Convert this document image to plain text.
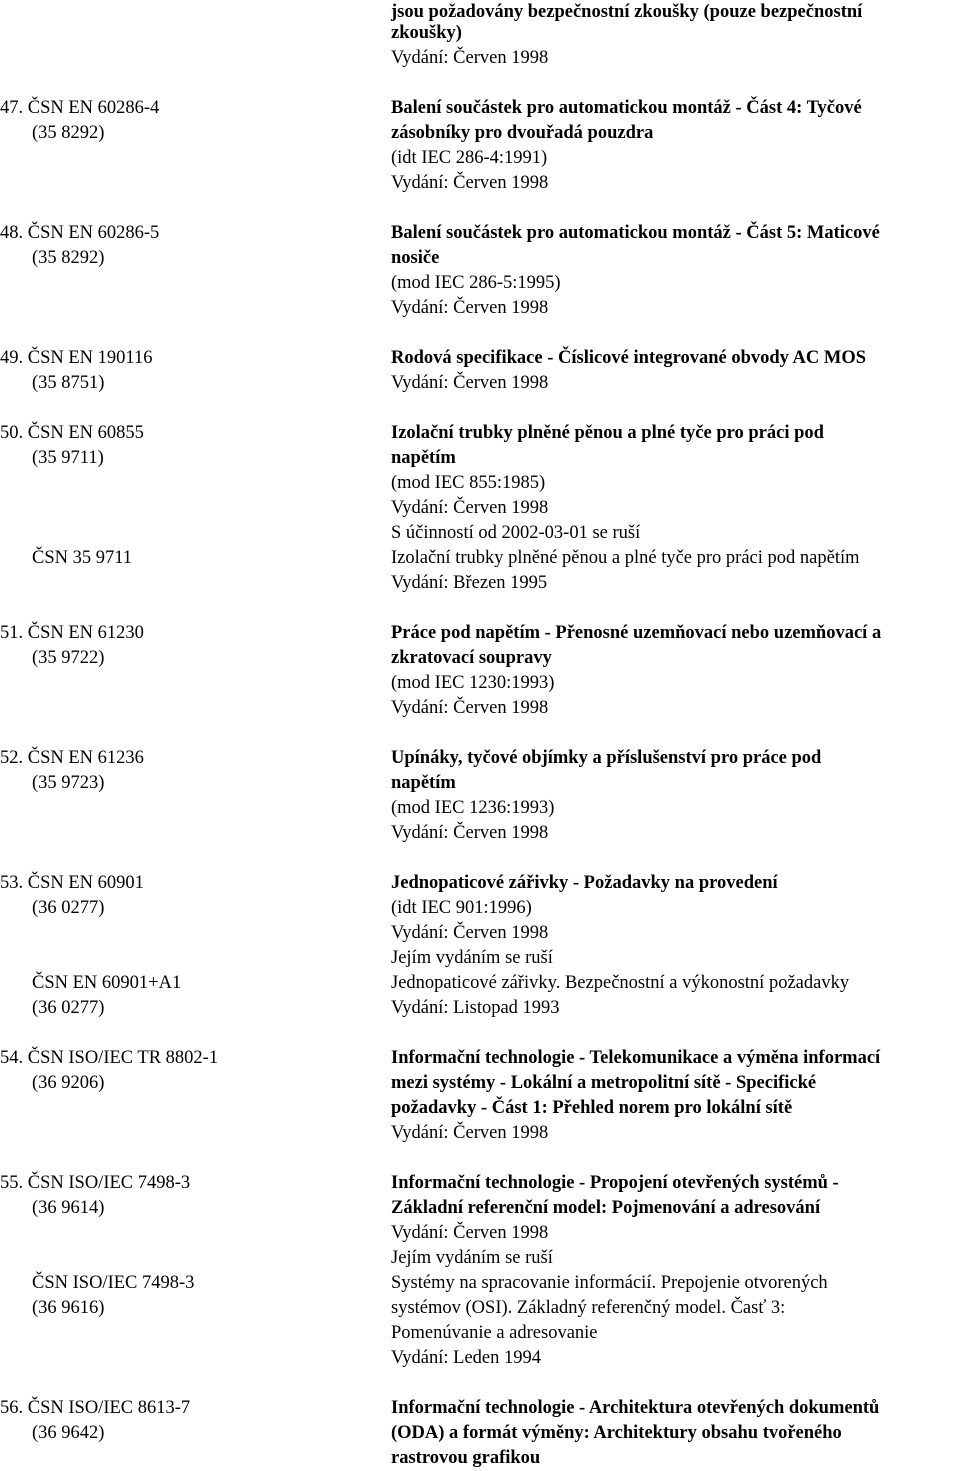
jsou požadovány bezpečnostní zkoušky (pouze bezpečnostní
zkoušky)
Vydání: Červen 1998
47. ČSN EN 60286-4
(35 8292)
Balení součástek pro automatickou montáž - Část 4: Tyčové
zásobníky pro dvouřadá pouzdra
(idt IEC 286-4:1991)
Vydání: Červen 1998
48. ČSN EN 60286-5
(35 8292)
Balení součástek pro automatickou montáž - Část 5: Maticové
nosiče
(mod IEC 286-5:1995)
Vydání: Červen 1998
49. ČSN EN 190116
(35 8751)
Rodová specifikace - Číslicové integrované obvody AC MOS
Vydání: Červen 1998
50. ČSN EN 60855
(35 9711)
Izolační trubky plněné pěnou a plné tyče pro práci pod
napětím
(mod IEC 855:1985)
Vydání: Červen 1998
S účinností od 2002-03-01 se ruší
ČSN 35 9711	Izolační trubky plněné pěnou a plné tyče pro práci pod napětím
Vydání: Březen 1995
51. ČSN EN 61230
(35 9722)
Práce pod napětím - Přenosné uzemňovací nebo uzemňovací a
zkratovací soupravy
(mod IEC 1230:1993)
Vydání: Červen 1998
52. ČSN EN 61236
(35 9723)
Upínáky, tyčové objímky a příslušenství pro práce pod
napětím
(mod IEC 1236:1993)
Vydání: Červen 1998
53. ČSN EN 60901
(36 0277)
Jednopaticové zářivky - Požadavky na provedení
(idt IEC 901:1996)
Vydání: Červen 1998
Jejím vydáním se ruší
ČSN EN 60901+A1
(36 0277)
Jednopaticové zářivky. Bezpečnostní a výkonostní požadavky
Vydání: Listopad 1993
54. ČSN ISO/IEC TR 8802-1
(36 9206)
Informační technologie - Telekomunikace a výměna informací
mezi systémy - Lokální a metropolitní sítě - Specifické
požadavky - Část 1: Přehled norem pro lokální sítě
Vydání: Červen 1998
55. ČSN ISO/IEC 7498-3
(36 9614)
Informační technologie - Propojení otevřených systémů -
Základní referenční model: Pojmenování a adresování
Vydání: Červen 1998
Jejím vydáním se ruší
ČSN ISO/IEC 7498-3
(36 9616)
Systémy na spracovanie informácií. Prepojenie otvorených
systémov (OSI). Základný referenčný model. Časť 3:
Pomenúvanie a adresovanie
Vydání: Leden 1994
56. ČSN ISO/IEC 8613-7
(36 9642)
Informační technologie - Architektura otevřených dokumentů
(ODA) a formát výměny: Architektury obsahu tvořeného
rastrovou grafikou
